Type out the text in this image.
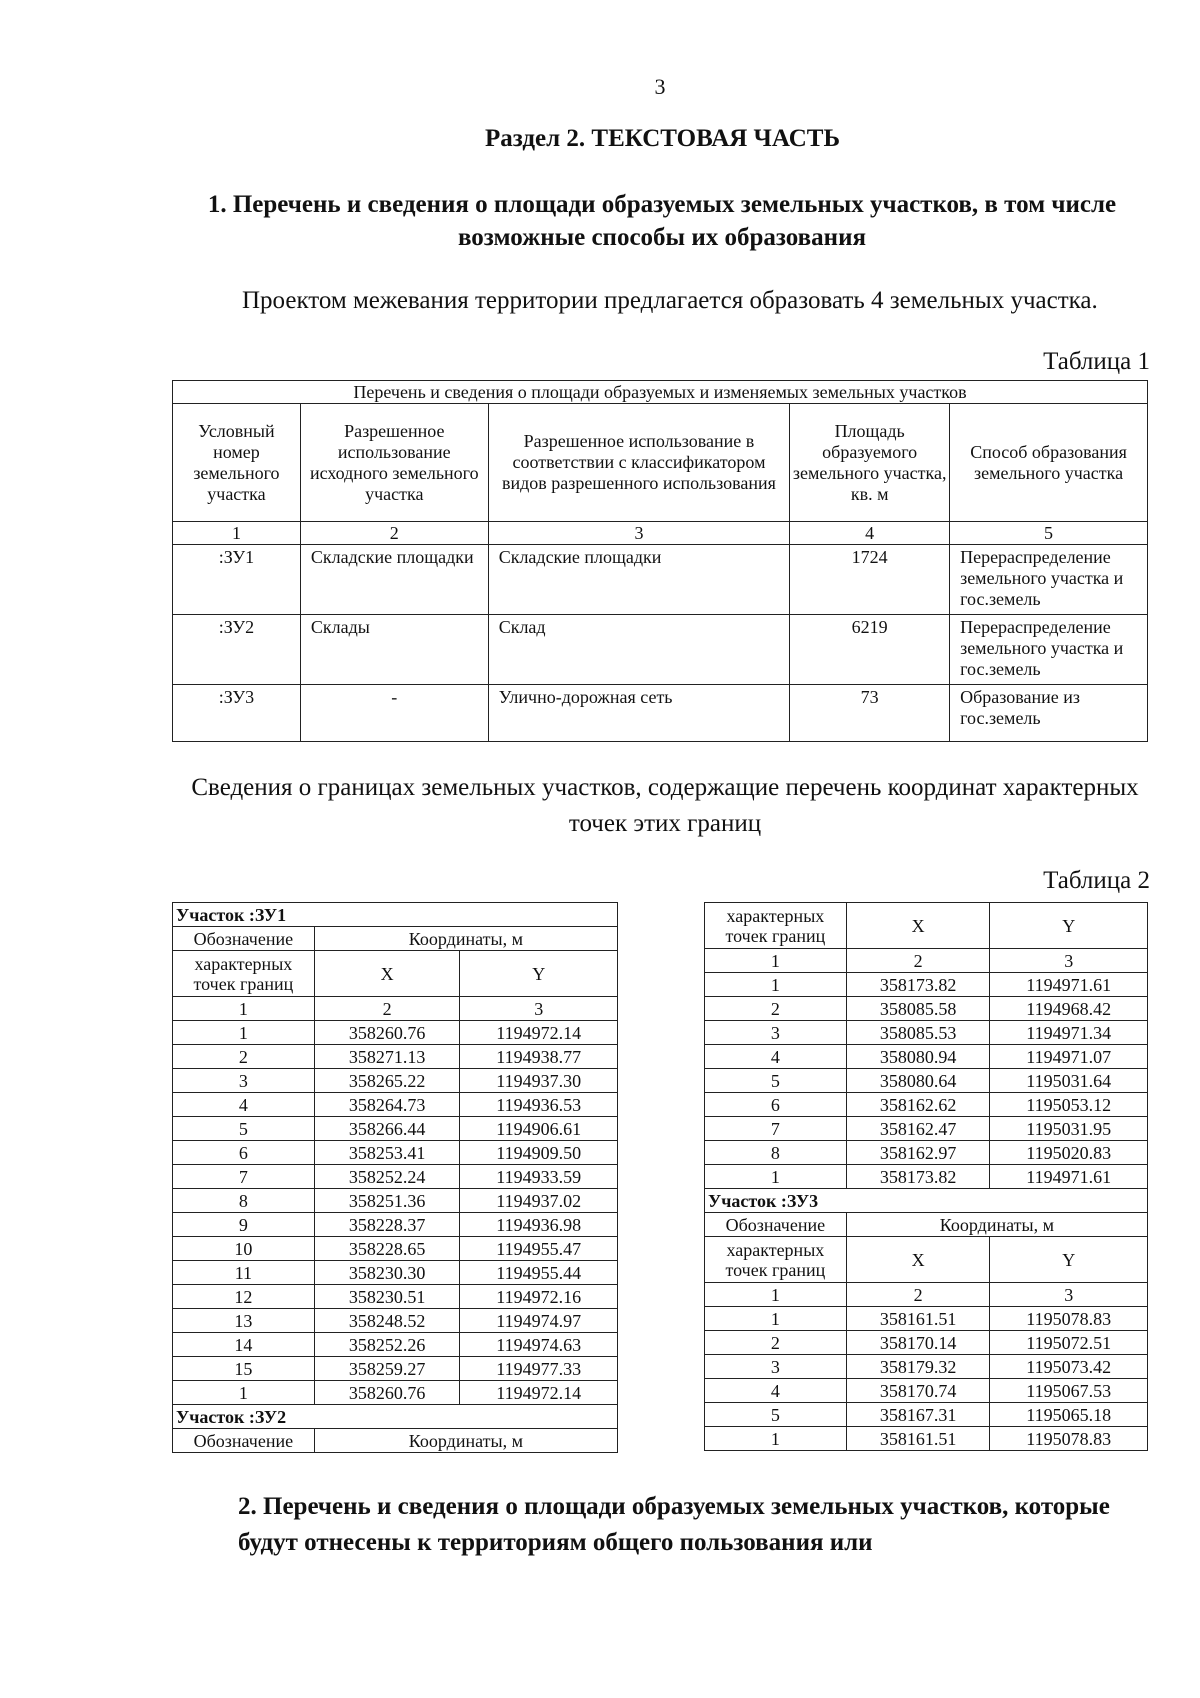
3
Раздел 2. ТЕКСТОВАЯ ЧАСТЬ
1. Перечень и сведения о площади образуемых земельных участков, в том числе возможные способы их образования
Проектом межевания территории предлагается образовать 4 земельных участка.
Таблица 1
Перечень и сведения о площади образуемых и изменяемых земельных участков				
Условный номер земельного участка	Разрешенное использование исходного земельного участка	Разрешенное использование в соответствии с классификатором видов разрешенного использования	Площадь образуемого земельного участка, кв. м	Способ образования земельного участка
1	2	3	4	5
:ЗУ1	Складские площадки	Складские площадки	1724	Перераспределение земельного участка и гос.земель
:ЗУ2	Склады	Склад	6219	Перераспределение земельного участка и гос.земель
:ЗУ3	-	Улично-дорожная сеть	73	Образование из гос.земель
Сведения о границах земельных участков, содержащие перечень координат характерных точек этих границ
Таблица 2
Участок :ЗУ1		
Обозначение	Координаты, м	
характерных точек границ	X	Y
1	2	3
1	358260.76	1194972.14
2	358271.13	1194938.77
3	358265.22	1194937.30
4	358264.73	1194936.53
5	358266.44	1194906.61
6	358253.41	1194909.50
7	358252.24	1194933.59
8	358251.36	1194937.02
9	358228.37	1194936.98
10	358228.65	1194955.47
11	358230.30	1194955.44
12	358230.51	1194972.16
13	358248.52	1194974.97
14	358252.26	1194974.63
15	358259.27	1194977.33
1	358260.76	1194972.14
Участок :ЗУ2		
Обозначение	Координаты, м	
характерных точек границ	X	Y
1	2	3
1	358173.82	1194971.61
2	358085.58	1194968.42
3	358085.53	1194971.34
4	358080.94	1194971.07
5	358080.64	1195031.64
6	358162.62	1195053.12
7	358162.47	1195031.95
8	358162.97	1195020.83
1	358173.82	1194971.61
Участок :ЗУ3		
Обозначение	Координаты, м	
характерных точек границ	X	Y
1	2	3
1	358161.51	1195078.83
2	358170.14	1195072.51
3	358179.32	1195073.42
4	358170.74	1195067.53
5	358167.31	1195065.18
1	358161.51	1195078.83
2. Перечень и сведения о площади образуемых земельных участков, которые будут отнесены к территориям общего пользования или
